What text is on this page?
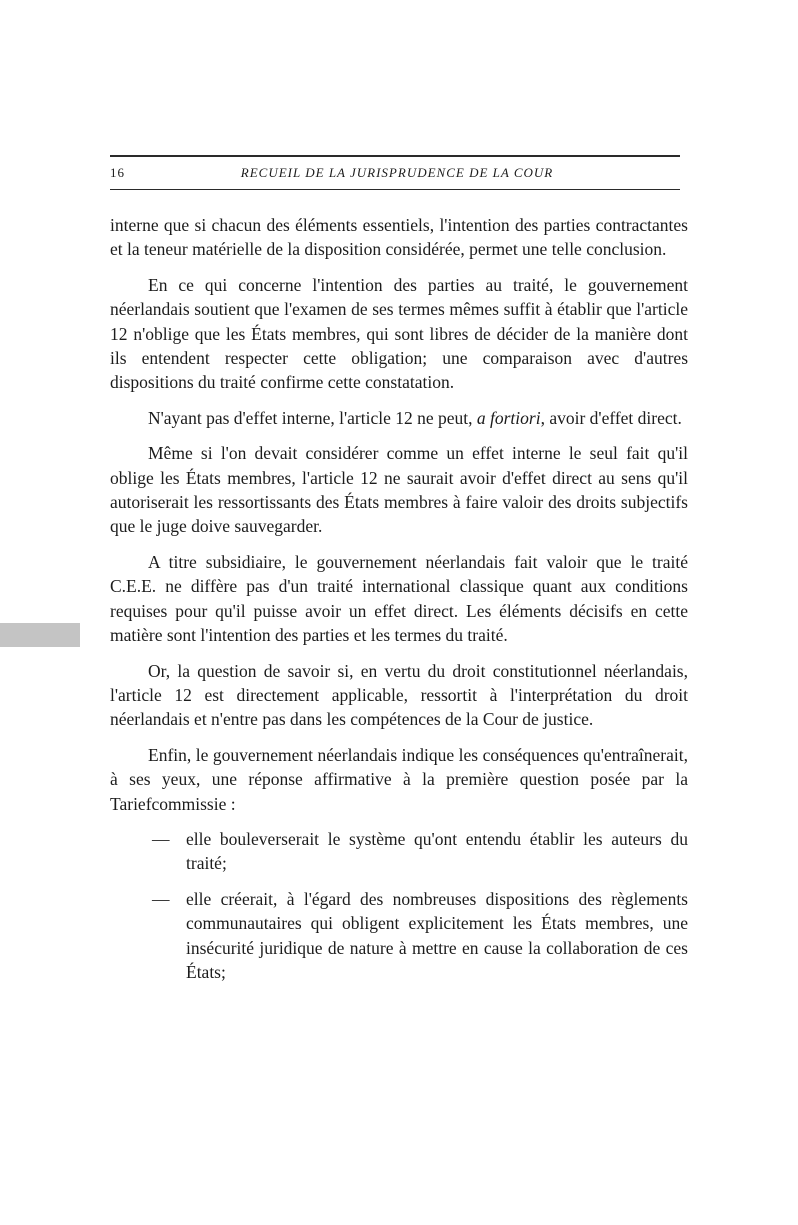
16	RECUEIL DE LA JURISPRUDENCE DE LA COUR

interne que si chacun des éléments essentiels, l'intention des parties contractantes et la teneur matérielle de la disposition considérée, permet une telle conclusion.

En ce qui concerne l'intention des parties au traité, le gouvernement néerlandais soutient que l'examen de ses termes mêmes suffit à établir que l'article 12 n'oblige que les États membres, qui sont libres de décider de la manière dont ils entendent respecter cette obligation; une comparaison avec d'autres dispositions du traité confirme cette constatation.

N'ayant pas d'effet interne, l'article 12 ne peut, a fortiori, avoir d'effet direct.

Même si l'on devait considérer comme un effet interne le seul fait qu'il oblige les États membres, l'article 12 ne saurait avoir d'effet direct au sens qu'il autoriserait les ressortissants des États membres à faire valoir des droits subjectifs que le juge doive sauvegarder.

A titre subsidiaire, le gouvernement néerlandais fait valoir que le traité C.E.E. ne diffère pas d'un traité international classique quant aux conditions requises pour qu'il puisse avoir un effet direct. Les éléments décisifs en cette matière sont l'intention des parties et les termes du traité.

Or, la question de savoir si, en vertu du droit constitutionnel néerlandais, l'article 12 est directement applicable, ressortit à l'interprétation du droit néerlandais et n'entre pas dans les compétences de la Cour de justice.

Enfin, le gouvernement néerlandais indique les conséquences qu'entraînerait, à ses yeux, une réponse affirmative à la première question posée par la Tariefcommissie :

— elle bouleverserait le système qu'ont entendu établir les auteurs du traité;
— elle créerait, à l'égard des nombreuses dispositions des règlements communautaires qui obligent explicitement les États membres, une insécurité juridique de nature à mettre en cause la collaboration de ces États;
